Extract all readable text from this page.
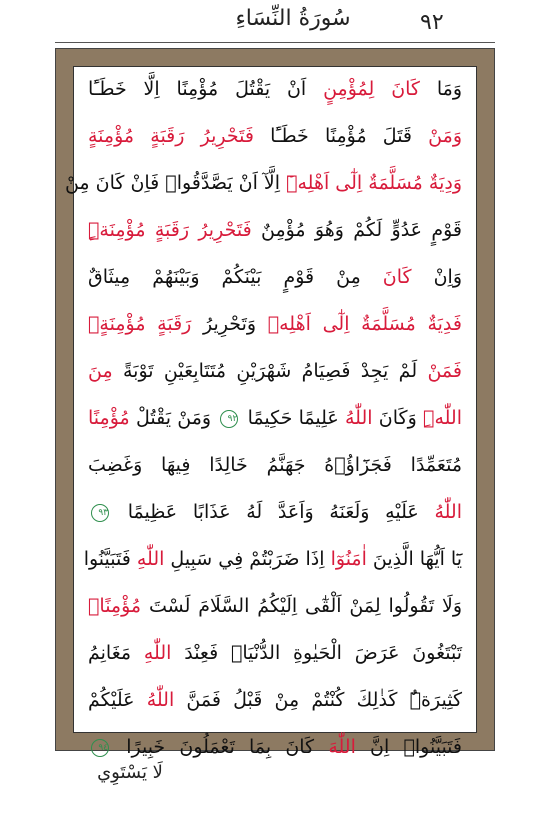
٩٢
سُورَةُ النِّسَاءِ
وَمَا كَانَ لِمُؤْمِنٍ اَنْ يَقْتُلَ مُؤْمِنًا اِلَّا خَطَـًٔا
وَمَنْ قَتَلَ مُؤْمِنًا خَطَـًٔا فَتَحْرِيرُ رَقَبَةٍ مُؤْمِنَةٍ
وَدِيَةٌ مُسَلَّمَةٌ اِلٰٓى اَهْلِهٖٓ اِلَّآ اَنْ يَصَّدَّقُواۜ فَاِنْ كَانَ مِنْ
قَوْمٍ عَدُوٍّ لَكُمْ وَهُوَ مُؤْمِنٌ فَتَحْرِيرُ رَقَبَةٍ مُؤْمِنَةٍۜ
وَاِنْ كَانَ مِنْ قَوْمٍ بَيْنَكُمْ وَبَيْنَهُمْ مِيثَاقٌ
فَدِيَةٌ مُسَلَّمَةٌ اِلٰٓى اَهْلِهٖ وَتَحْرِيرُ رَقَبَةٍ مُؤْمِنَةٍۚ
فَمَنْ لَمْ يَجِدْ فَصِيَامُ شَهْرَيْنِ مُتَتَابِعَيْنِ تَوْبَةً مِنَ
اللّٰهِۜ وَكَانَ اللّٰهُ عَلِيمًا حَكِيمًا ٩٢ وَمَنْ يَقْتُلْ مُؤْمِنًا
مُتَعَمِّدًا فَجَزَٓاؤُ۬هُ جَهَنَّمُ خَالِدًا فِيهَا وَغَضِبَ
اللّٰهُ عَلَيْهِ وَلَعَنَهُ وَاَعَدَّ لَهُ عَذَابًا عَظِيمًا ٩٣
يَٓا اَيُّهَا الَّذِينَ اٰمَنُوٓا اِذَا ضَرَبْتُمْ فِي سَبِيلِ اللّٰهِ فَتَبَيَّنُوا
وَلَا تَقُولُوا لِمَنْ اَلْقٰٓى اِلَيْكُمُ السَّلَامَ لَسْتَ مُؤْمِنًاۚ
تَبْتَغُونَ عَرَضَ الْحَيٰوةِ الدُّنْيَاۘ فَعِنْدَ اللّٰهِ مَغَانِمُ
كَثِيرَةٌۜ كَذٰلِكَ كُنْتُمْ مِنْ قَبْلُ فَمَنَّ اللّٰهُ عَلَيْكُمْ
فَتَبَيَّنُواۜ اِنَّ اللّٰهَ كَانَ بِمَا تَعْمَلُونَ خَبِيرًا ٩٤
لَا يَسْتَوِي
